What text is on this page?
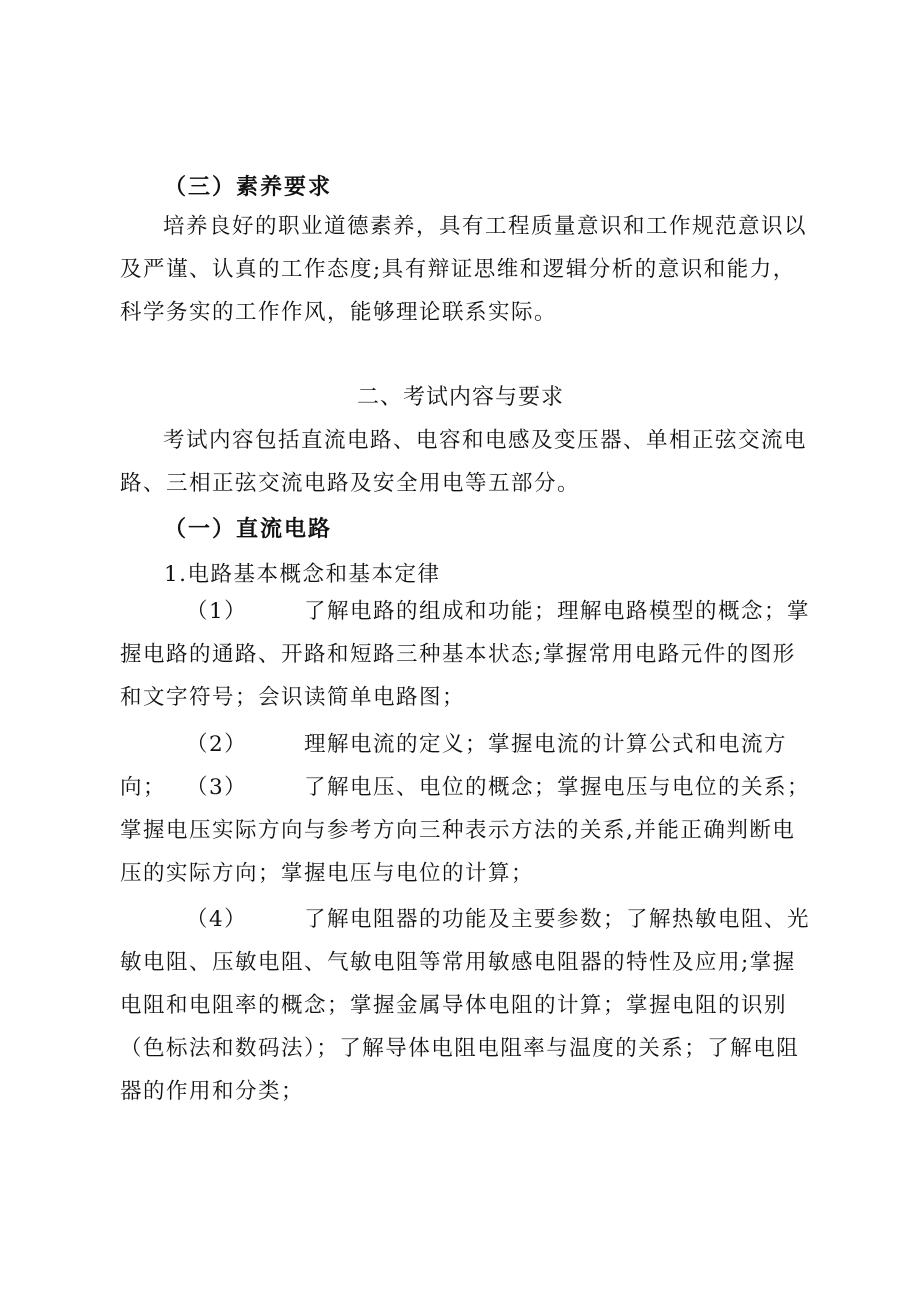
（三）素养要求

培养良好的职业道德素养，具有工程质量意识和工作规范意识以及严谨、认真的工作态度;具有辩证思维和逻辑分析的意识和能力，科学务实的工作作风，能够理论联系实际。

二、考试内容与要求

考试内容包括直流电路、电容和电感及变压器、单相正弦交流电路、三相正弦交流电路及安全用电等五部分。

（一）直流电路
1.电路基本概念和基本定律

（1）	了解电路的组成和功能；理解电路模型的概念；掌握电路的通路、开路和短路三种基本状态;掌握常用电路元件的图形和文字符号；会识读简单电路图；

（2）	理解电流的定义；掌握电流的计算公式和电流方向； （3）	了解电压、电位的概念；掌握电压与电位的关系；掌握电压实际方向与参考方向三种表示方法的关系,并能正确判断电压的实际方向；掌握电压与电位的计算；

（4）	了解电阻器的功能及主要参数；了解热敏电阻、光敏电阻、压敏电阻、气敏电阻等常用敏感电阻器的特性及应用;掌握电阻和电阻率的概念；掌握金属导体电阻的计算；掌握电阻的识别（色标法和数码法）；了解导体电阻电阻率与温度的关系；了解电阻器的作用和分类；
